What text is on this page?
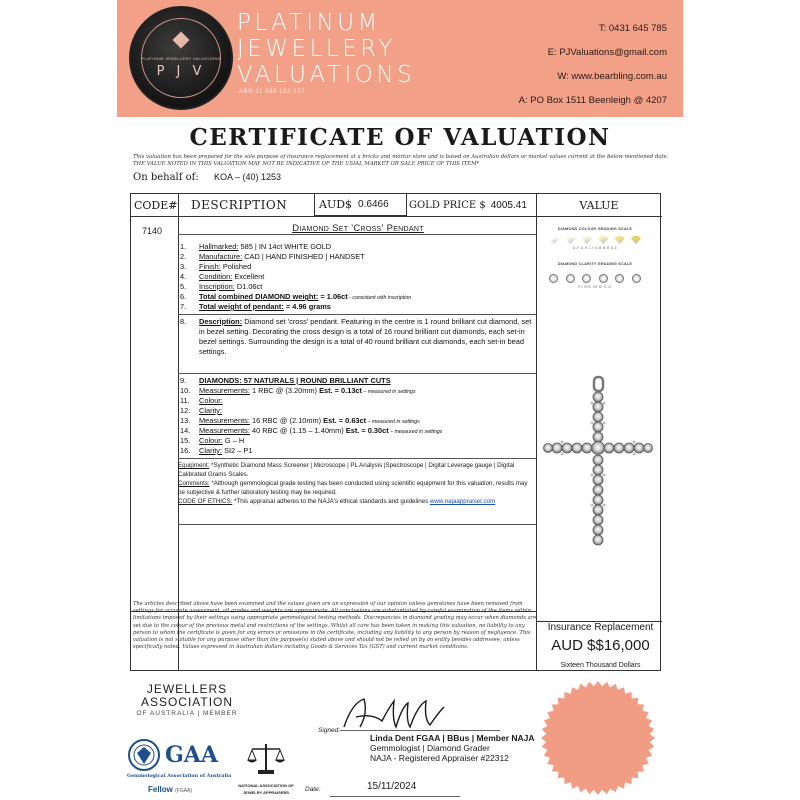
PLATINUM JEWELLERY VALUATIONS
P J V
PLATINUM
JEWELLERY
VALUATIONS
ABN 11 588 162 137
T: 0431 645 785
E: PJValuations@gmail.com
W: www.bearbling.com.au
A: PO Box 1511 Beenleigh @ 4207
CERTIFICATE OF VALUATION
This valuation has been prepared for the sole purpose of insurance replacement at a bricks and mortar store and is based on Australian dollars or market values current at the below mentioned date. THE VALUE NOTED IN THIS VALUATION MAY NOT BE INDICATIVE OF THE USIAL MARKET OR SALE PRICE OF THIS ITEM*
On behalf of: KOA – (40) 1253
CODE# DESCRIPTION	AUD$ 0.6466 GOLD PRICE $ 4005.41	VALUE
7140	Diamond Set 'Cross' Pendant
1. Hallmarked: 585 | IN 14ct WHITE GOLD
2. Manufacture: CAD | HAND FINISHED | HANDSET
3. Finish: Polished
4. Condition: Excellent
5. Inscription: D1.06ct
6. Total combined DIAMOND weight: = 1.06ct - consistent with inscription
7. Total weight of pendant: = 4.96 grams
8. Description: Diamond set 'cross' pendant. Featuring in the centre is 1 round brilliant cut diamond, set in bezel setting. Decorating the cross design is a total of 16 round brilliant cut diamonds, each set-in bezel settings. Surrounding the design is a total of 40 round brilliant cut diamonds, each set-in bead settings.
9. DIAMONDS: 57 NATURALS | ROUND BRILLIANT CUTS
10. Measurements: 1 RBC @ (3.20mm) Est. = 0.13ct – measured in settings
11. Colour:
12. Clarity:
13. Measurements: 16 RBC @ (2.10mm) Est. = 0.63ct – measured in settings
14. Measurements: 40 RBC @ (1.15 – 1.40mm) Est. = 0.30ct – measured in settings
15. Colour: G – H
16. Clarity: SI2 – P1
Equipment: *Synthetic Diamond Mass Screener | Microscope | PL Analysis |Spectroscope | Digital Leverage gauge | Digital Calibrated Grams Scales.
Comments: *Although gemmological grade testing has been conducted using scientific equipment for this valuation, results may be subjective & further laboratory testing may be required.
CODE OF ETHICS: *This appraisal adheres to the NAJA's ethical standards and guidelines www.najaappraiser.com
DIAMOND COLOUR GRADING SCALE
D-F G-H I-J K-M N-R S-Z
DIAMOND CLARITY GRADING SCALE
FL VVS VS SI I1 I2
The articles described above have been examined and the values given are an expression of our opinion unless gemstones have been removed from settings for accurate assessment, all grades and weights are approximate. All conclusions are substantiated by careful examination of the items within limitations imposed by their settings using appropriate gemmological testing methods. Discrepancies in diamond grading may occur when diamonds are set due to the colour of the precious metal and restrictions of the settings. Whilst all care has been taken in making this valuation, no liability to any person to whom the certificate is given for any errors or omissions in the certificate, including any liability to any person by reason of negligence. This valuation is not suitable for any purpose other than the purpose(s) stated above and should not be relied on by an entity besides addressee, unless specifically noted. Values expressed in Australian dollars including Goods & Services Tax (GST) and current market conditions.
Insurance Replacement
AUD $$16,000
Sixteen Thousand Dollars
JEWELLERS
ASSOCIATION
OF AUSTRALIA | MEMBER
GAA
Gemmological Association of Australia
Fellow (FGAA)
NATIONAL ASSOCIATION OF
JEWELRY APPRAISERS
Signed:
Linda Dent FGAA | BBus | Member NAJA
Gemmologist | Diamond Grader
NAJA - Registered Appraiser #22312
Date:	15/11/2024
